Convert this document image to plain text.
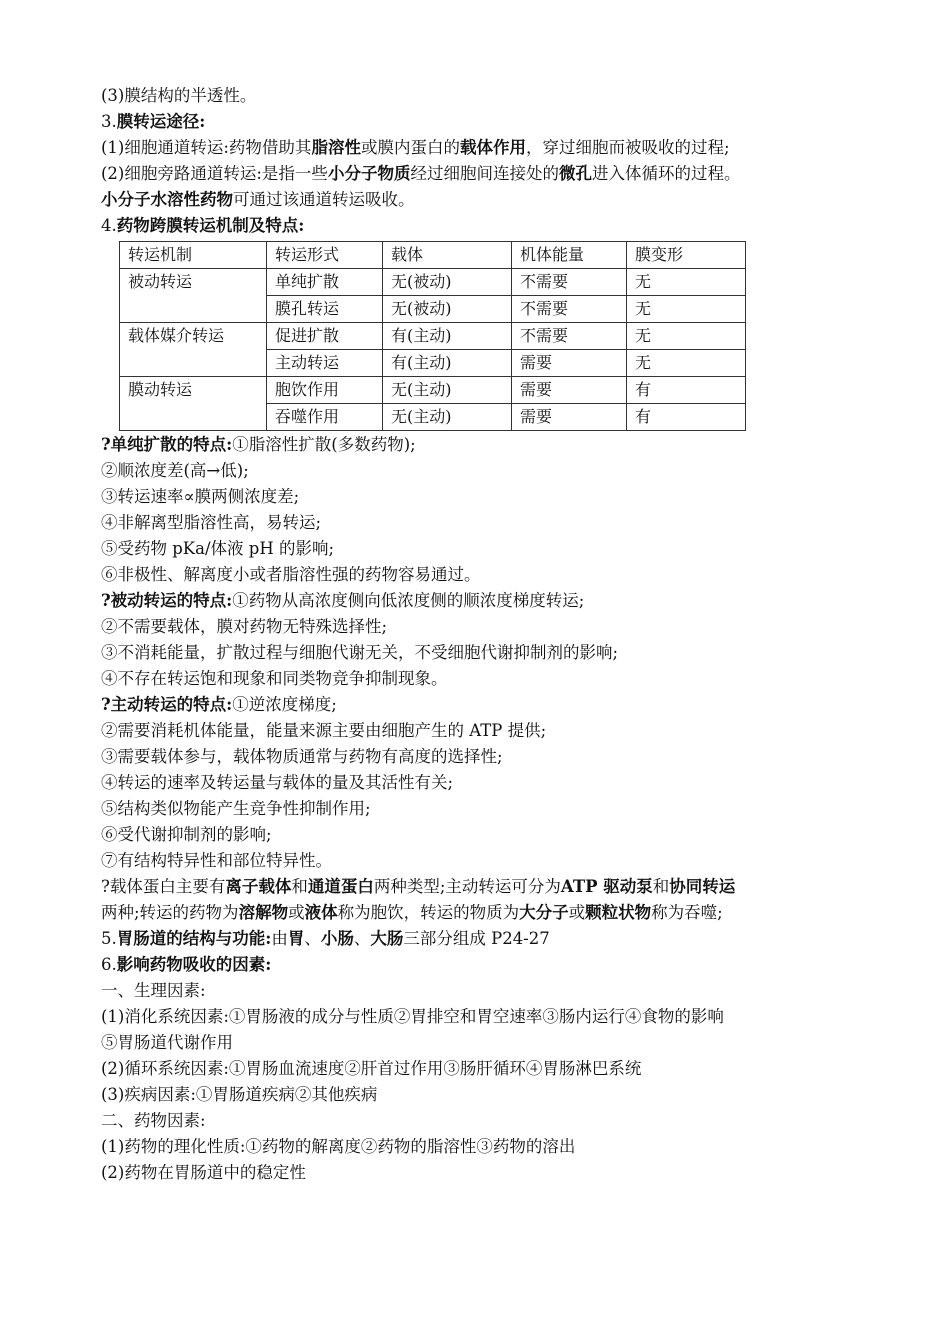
(3)膜结构的半透性。
3.膜转运途径:
(1)细胞通道转运:药物借助其脂溶性或膜内蛋白的载体作用，穿过细胞而被吸收的过程;
(2)细胞旁路通道转运:是指一些小分子物质经过细胞间连接处的微孔进入体循环的过程。
小分子水溶性药物可通过该通道转运吸收。
4.药物跨膜转运机制及特点:
转运机制	转运形式	载体	机体能量	膜变形
被动转运	单纯扩散	无(被动)	不需要	无
	膜孔转运	无(被动)	不需要	无
载体媒介转运	促进扩散	有(主动)	不需要	无
	主动转运	有(主动)	需要	无
膜动转运	胞饮作用	无(主动)	需要	有
	吞噬作用	无(主动)	需要	有
?单纯扩散的特点:①脂溶性扩散(多数药物);
②顺浓度差(高→低);
③转运速率∝膜两侧浓度差;
④非解离型脂溶性高，易转运;
⑤受药物 pKa/体液 pH 的影响;
⑥非极性、解离度小或者脂溶性强的药物容易通过。
?被动转运的特点:①药物从高浓度侧向低浓度侧的顺浓度梯度转运;
②不需要载体，膜对药物无特殊选择性;
③不消耗能量，扩散过程与细胞代谢无关，不受细胞代谢抑制剂的影响;
④不存在转运饱和现象和同类物竞争抑制现象。
?主动转运的特点:①逆浓度梯度;
②需要消耗机体能量，能量来源主要由细胞产生的 ATP 提供;
③需要载体参与，载体物质通常与药物有高度的选择性;
④转运的速率及转运量与载体的量及其活性有关;
⑤结构类似物能产生竞争性抑制作用;
⑥受代谢抑制剂的影响;
⑦有结构特异性和部位特异性。
?载体蛋白主要有离子载体和通道蛋白两种类型;主动转运可分为ATP 驱动泵和协同转运
两种;转运的药物为溶解物或液体称为胞饮，转运的物质为大分子或颗粒状物称为吞噬;
5.胃肠道的结构与功能:由胃、小肠、大肠三部分组成 P24-27
6.影响药物吸收的因素:
一、生理因素:
(1)消化系统因素:①胃肠液的成分与性质②胃排空和胃空速率③肠内运行④食物的影响
⑤胃肠道代谢作用
(2)循环系统因素:①胃肠血流速度②肝首过作用③肠肝循环④胃肠淋巴系统
(3)疾病因素:①胃肠道疾病②其他疾病
二、药物因素:
(1)药物的理化性质:①药物的解离度②药物的脂溶性③药物的溶出
(2)药物在胃肠道中的稳定性
